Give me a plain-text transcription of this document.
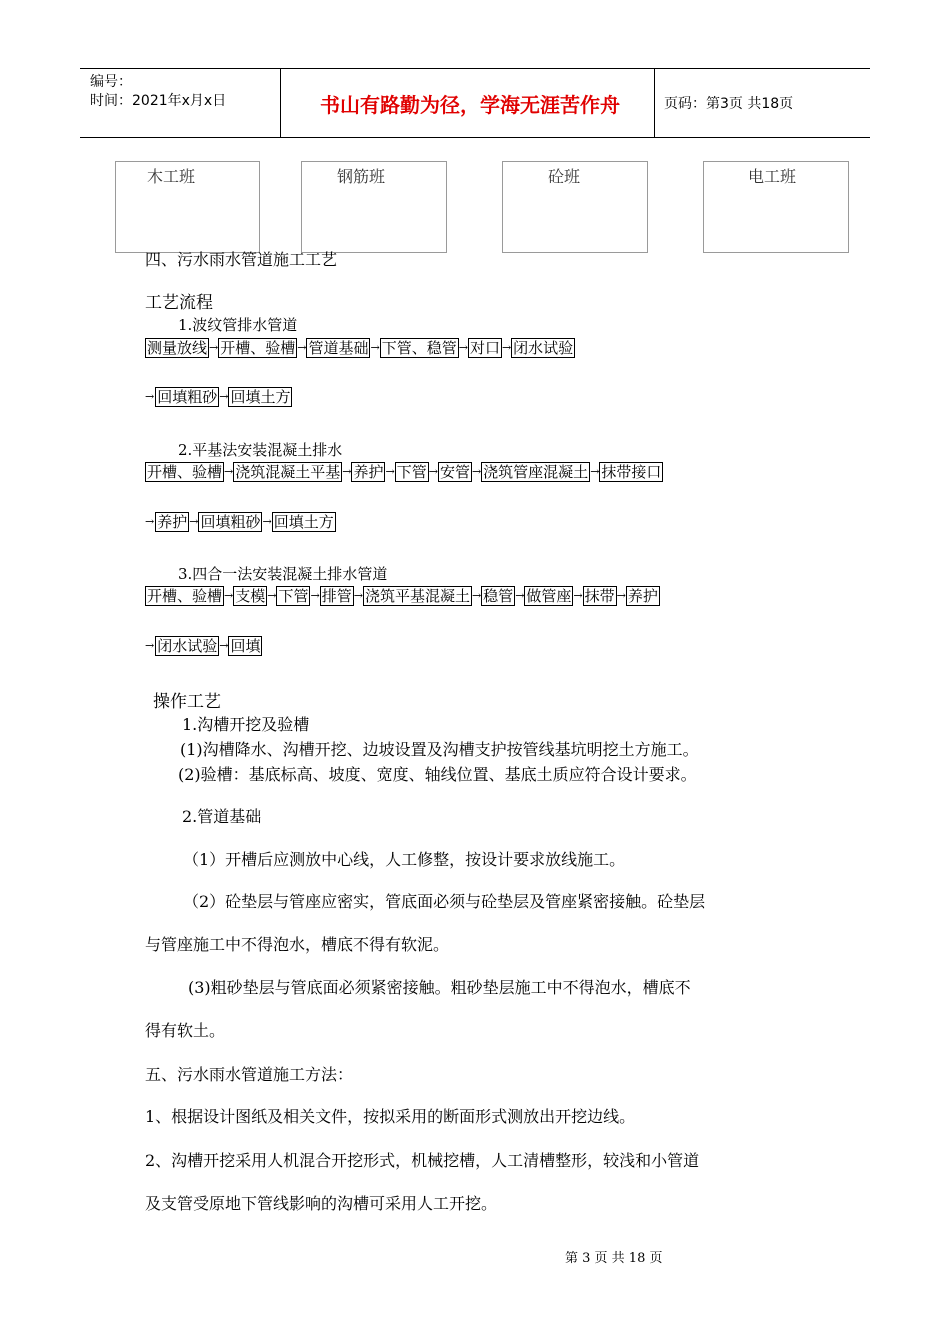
编号：
时间：2021年x月x日	书山有路勤为径，学海无涯苦作舟	页码：第3页 共18页
木工班	钢筋班	砼班	电工班
四、污水雨水管道施工工艺
工艺流程
1.波纹管排水管道
测量放线 → 开槽、验槽 → 管道基础 → 下管、稳管 → 对口 → 闭水试验
→ 回填粗砂 → 回填土方
2.平基法安装混凝土排水
开槽、验槽 → 浇筑混凝土平基 → 养护 → 下管 → 安管 → 浇筑管座混凝土 → 抹带接口
→ 养护 → 回填粗砂 → 回填土方
3.四合一法安装混凝土排水管道
开槽、验槽 → 支模 → 下管 → 排管 → 浇筑平基混凝土 → 稳管 → 做管座 → 抹带 → 养护
→ 闭水试验 → 回填
操作工艺
1.沟槽开挖及验槽
(1)沟槽降水、沟槽开挖、边坡设置及沟槽支护按管线基坑明挖土方施工。
(2)验槽：基底标高、坡度、宽度、轴线位置、基底土质应符合设计要求。
2.管道基础
（1）开槽后应测放中心线，人工修整，按设计要求放线施工。
（2）砼垫层与管座应密实，管底面必须与砼垫层及管座紧密接触。砼垫层
与管座施工中不得泡水，槽底不得有软泥。
(3)粗砂垫层与管底面必须紧密接触。粗砂垫层施工中不得泡水，槽底不
得有软土。
五、污水雨水管道施工方法：
1、根据设计图纸及相关文件，按拟采用的断面形式测放出开挖边线。
2、沟槽开挖采用人机混合开挖形式，机械挖槽，人工清槽整形，较浅和小管道
及支管受原地下管线影响的沟槽可采用人工开挖。
第 3 页 共 18 页
